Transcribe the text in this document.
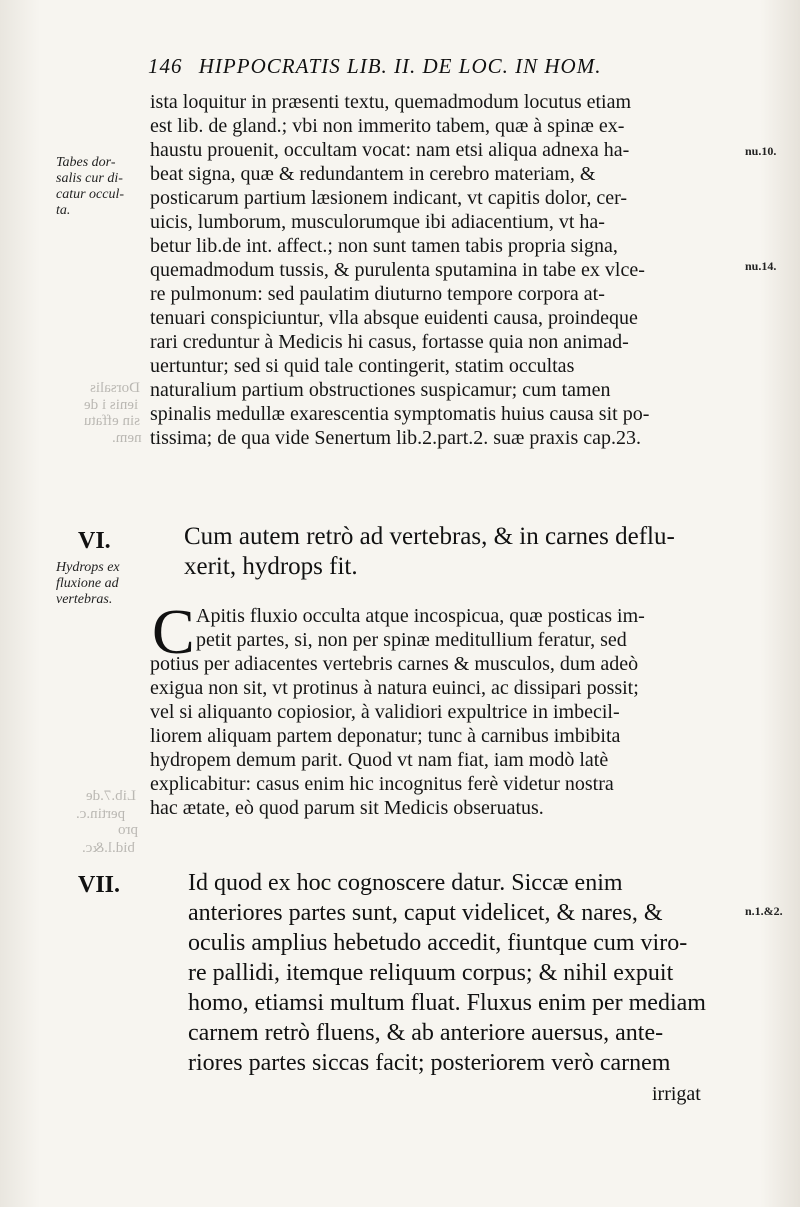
146 HIPPOCRATIS LIB. II. DE LOC. IN HOM.
Dorsalis
ienis i de
sin effatu
nem.
Lib.7.de
pertin.c.
pro
bid.l.&c.
Tabes dor-
salis cur di-
catur occul-
ta.
nu.10.
nu.14.
n.1.&2.
ista loquitur in præsenti textu, quemadmodum locutus etiam
est lib. de gland.; vbi non immerito tabem, quæ à spinæ ex-
haustu prouenit, occultam vocat: nam etsi aliqua adnexa ha-
beat signa, quæ & redundantem in cerebro materiam, &
posticarum partium læsionem indicant, vt capitis dolor, cer-
uicis, lumborum, musculorumque ibi adiacentium, vt ha-
betur lib.de int. affect.; non sunt tamen tabis propria signa,
quemadmodum tussis, & purulenta sputamina in tabe ex vlce-
re pulmonum: sed paulatim diuturno tempore corpora at-
tenuari conspiciuntur, vlla absque euidenti causa, proindeque
rari creduntur à Medicis hi casus, fortasse quia non animad-
uertuntur; sed si quid tale contingerit, statim occultas
naturalium partium obstructiones suspicamur; cum tamen
spinalis medullæ exarescentia symptomatis huius causa sit po-
tissima; de qua vide Senertum lib.2.part.2. suæ praxis cap.23.
VI.
Hydrops ex
fluxione ad
vertebras.
Cum autem retrò ad vertebras, & in carnes deflu-
xerit, hydrops fit.
C Apitis fluxio occulta atque incospicua, quæ posticas im-
petit partes, si, non per spinæ meditullium feratur, sed
potius per adiacentes vertebris carnes & musculos, dum adeò
exigua non sit, vt protinus à natura euinci, ac dissipari possit;
vel si aliquanto copiosior, à validiori expultrice in imbecil-
liorem aliquam partem deponatur; tunc à carnibus imbibita
hydropem demum parit. Quod vt nam fiat, iam modò latè
explicabitur: casus enim hic incognitus ferè videtur nostra
hac ætate, eò quod parum sit Medicis obseruatus.
VII.	Id quod ex hoc cognoscere datur. Siccæ enim
anteriores partes sunt, caput videlicet, & nares, &
oculis amplius hebetudo accedit, fiuntque cum viro-
re pallidi, itemque reliquum corpus; & nihil expuit
homo, etiamsi multum fluat. Fluxus enim per mediam
carnem retrò fluens, & ab anteriore auersus, ante-
riores partes siccas facit; posteriorem verò carnem
irrigat
